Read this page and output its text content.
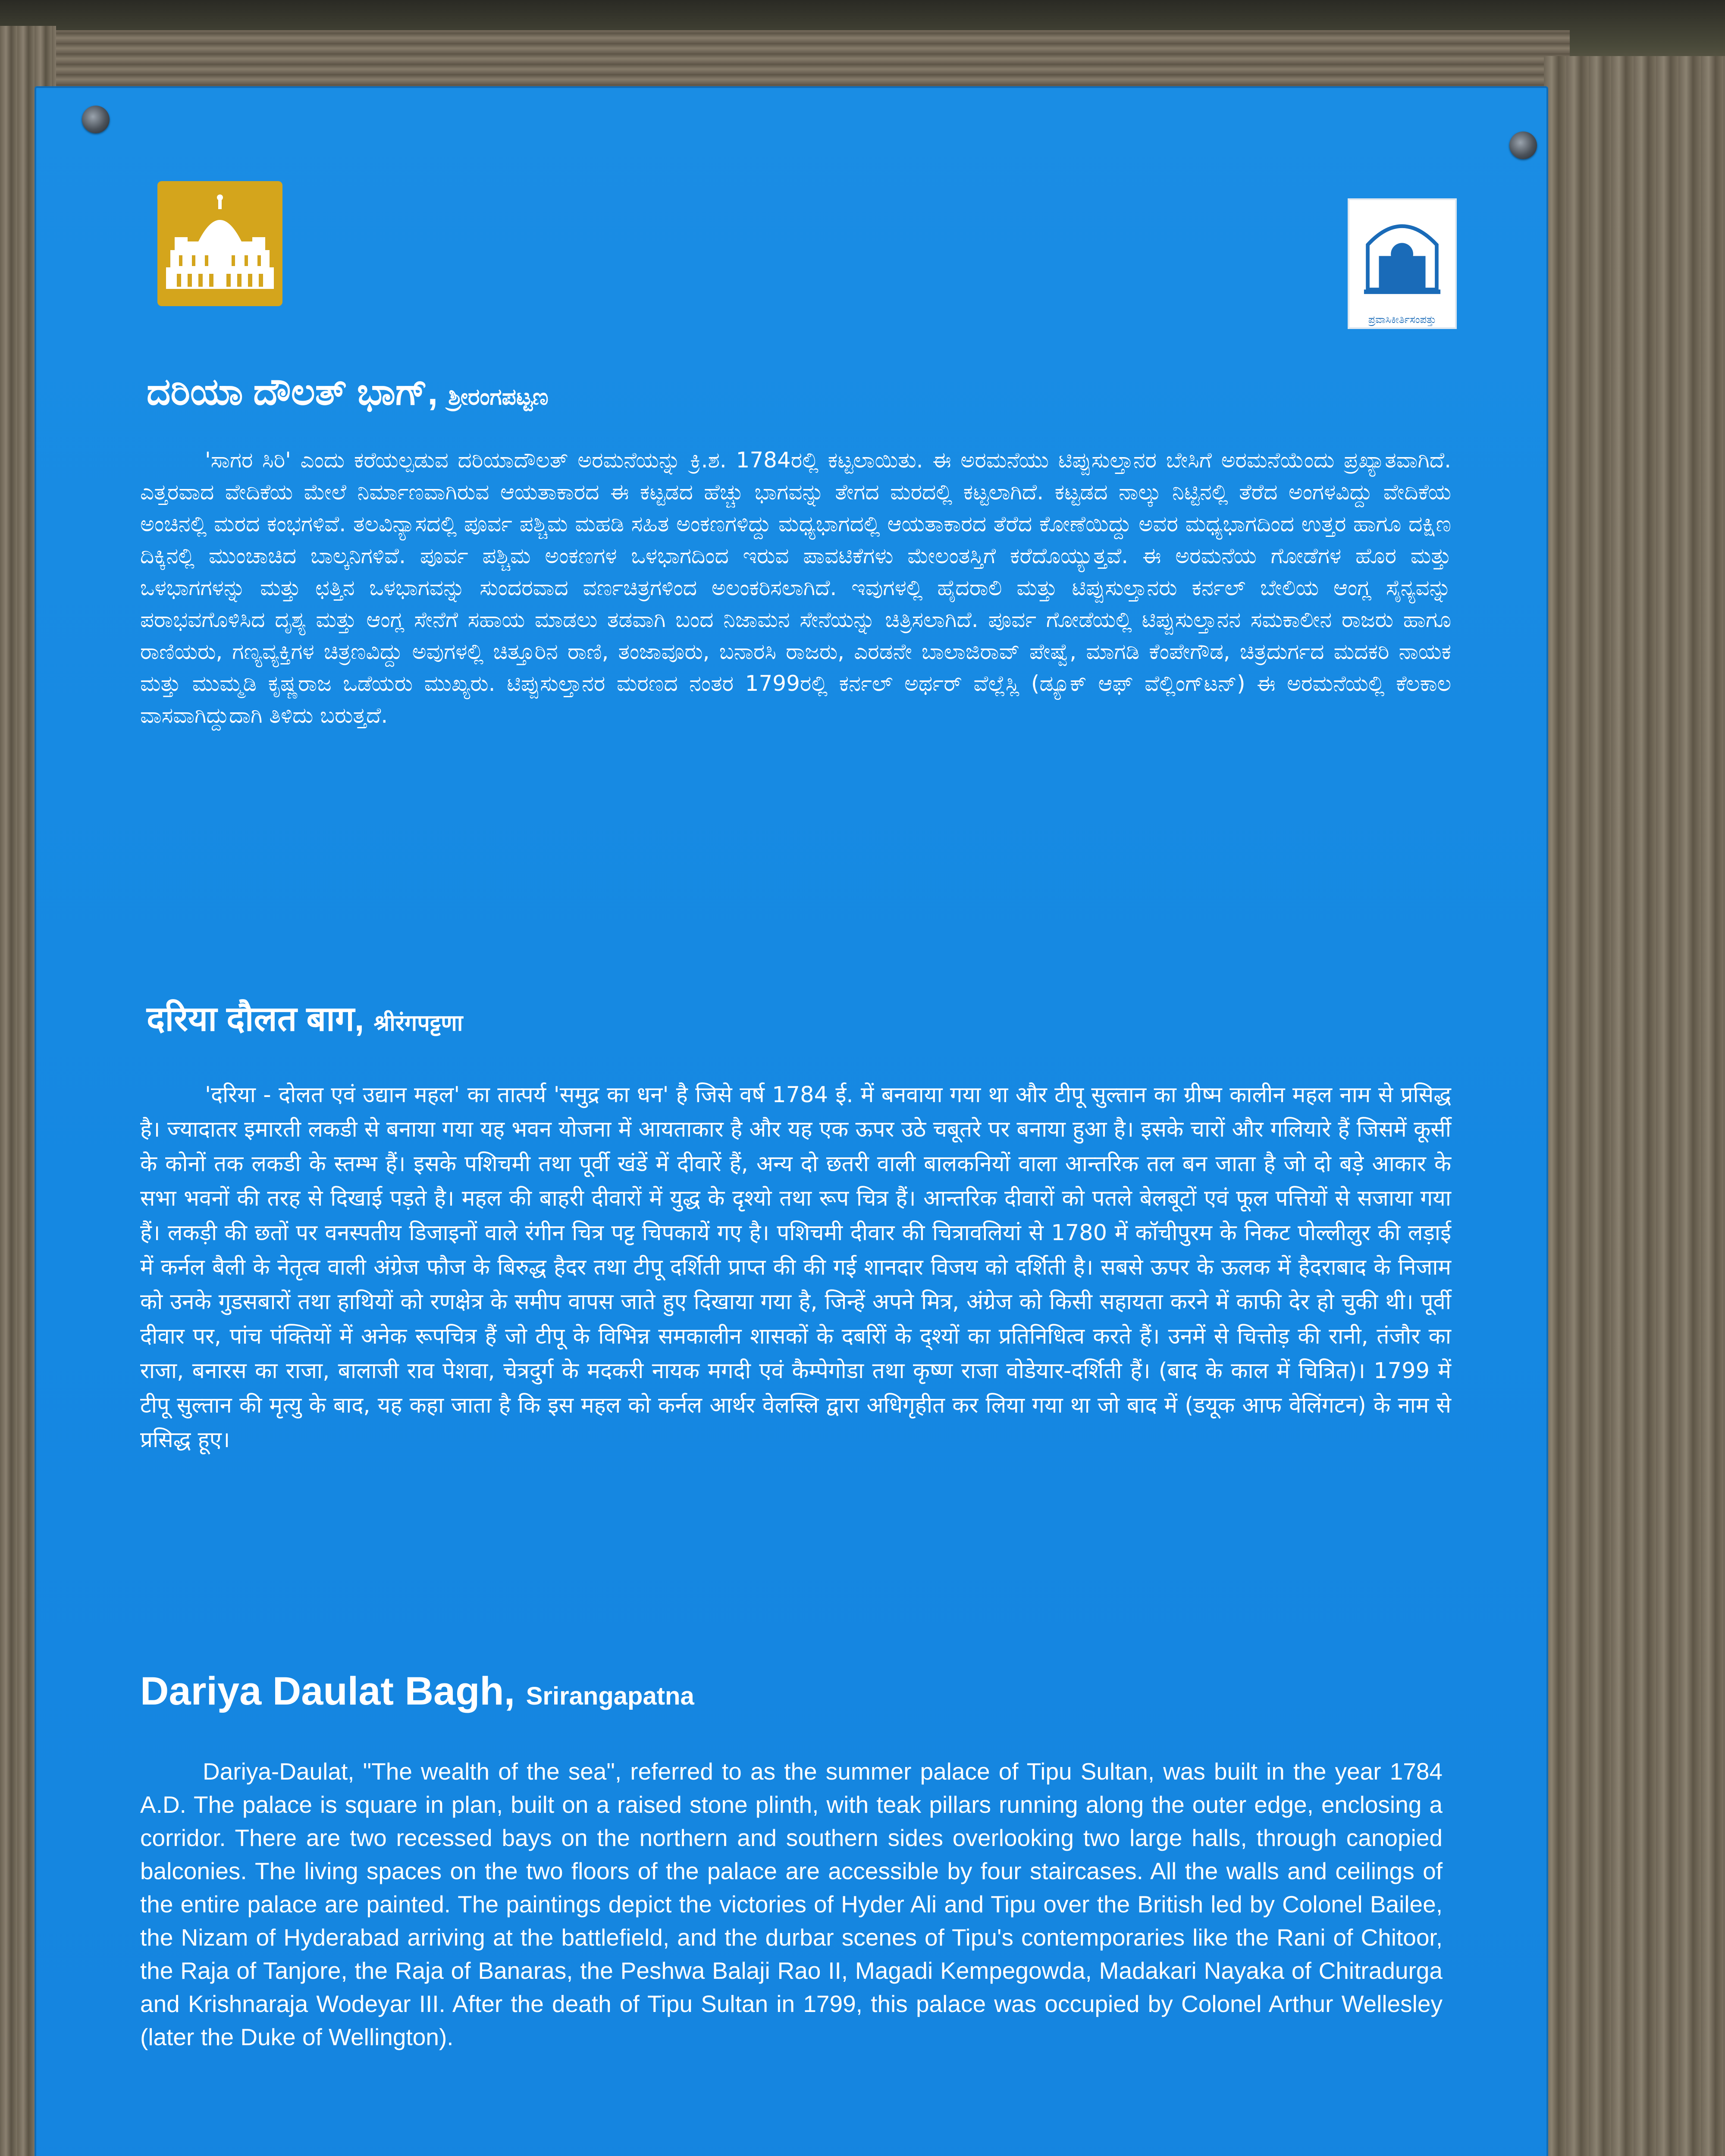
ಪ್ರವಾಸಿಕೀರ್ತಿಸಂಪತ್ತು
ದರಿಯಾ ದೌಲತ್ ಭಾಗ್, ಶ್ರೀರಂಗಪಟ್ಟಣ
'ಸಾಗರ ಸಿರಿ' ಎಂದು ಕರೆಯಲ್ಪಡುವ ದರಿಯಾದೌಲತ್ ಅರಮನೆಯನ್ನು ಕ್ರಿ.ಶ. 1784ರಲ್ಲಿ ಕಟ್ಟಲಾಯಿತು. ಈ ಅರಮನೆಯು ಟಿಪ್ಪುಸುಲ್ತಾನರ ಬೇಸಿಗೆ ಅರಮನೆಯೆಂದು ಪ್ರಖ್ಯಾತವಾಗಿದೆ. ಎತ್ತರವಾದ ವೇದಿಕೆಯ ಮೇಲೆ ನಿರ್ಮಾಣವಾಗಿರುವ ಆಯತಾಕಾರದ ಈ ಕಟ್ಟಡದ ಹೆಚ್ಚು ಭಾಗವನ್ನು ತೇಗದ ಮರದಲ್ಲಿ ಕಟ್ಟಲಾಗಿದೆ. ಕಟ್ಟಡದ ನಾಲ್ಕು ನಿಟ್ಟಿನಲ್ಲಿ ತೆರೆದ ಅಂಗಳವಿದ್ದು ವೇದಿಕೆಯ ಅಂಚಿನಲ್ಲಿ ಮರದ ಕಂಭಗಳಿವೆ. ತಲವಿನ್ಯಾಸದಲ್ಲಿ ಪೂರ್ವ ಪಶ್ಚಿಮ ಮಹಡಿ ಸಹಿತ ಅಂಕಣಗಳಿದ್ದು ಮಧ್ಯಭಾಗದಲ್ಲಿ ಆಯತಾಕಾರದ ತೆರೆದ ಕೋಣೆಯಿದ್ದು ಅವರ ಮಧ್ಯಭಾಗದಿಂದ ಉತ್ತರ ಹಾಗೂ ದಕ್ಷಿಣ ದಿಕ್ಕಿನಲ್ಲಿ ಮುಂಚಾಚಿದ ಬಾಲ್ಕನಿಗಳಿವೆ. ಪೂರ್ವ ಪಶ್ಚಿಮ ಅಂಕಣಗಳ ಒಳಭಾಗದಿಂದ ಇರುವ ಪಾವಟಿಕೆಗಳು ಮೇಲಂತಸ್ತಿಗೆ ಕರೆದೊಯ್ಯುತ್ತವೆ. ಈ ಅರಮನೆಯ ಗೋಡೆಗಳ ಹೊರ ಮತ್ತು ಒಳಭಾಗಗಳನ್ನು ಮತ್ತು ಛತ್ತಿನ ಒಳಭಾಗವನ್ನು ಸುಂದರವಾದ ವರ್ಣಚಿತ್ರಗಳಿಂದ ಅಲಂಕರಿಸಲಾಗಿದೆ. ಇವುಗಳಲ್ಲಿ ಹೈದರಾಲಿ ಮತ್ತು ಟಿಪ್ಪುಸುಲ್ತಾನರು ಕರ್ನಲ್ ಬೇಲಿಯ ಆಂಗ್ಲ ಸೈನ್ಯವನ್ನು ಪರಾಭವಗೊಳಿಸಿದ ದೃಶ್ಯ ಮತ್ತು ಆಂಗ್ಲ ಸೇನೆಗೆ ಸಹಾಯ ಮಾಡಲು ತಡವಾಗಿ ಬಂದ ನಿಜಾಮನ ಸೇನೆಯನ್ನು ಚಿತ್ರಿಸಲಾಗಿದೆ. ಪೂರ್ವ ಗೋಡೆಯಲ್ಲಿ ಟಿಪ್ಪುಸುಲ್ತಾನನ ಸಮಕಾಲೀನ ರಾಜರು ಹಾಗೂ ರಾಣಿಯರು, ಗಣ್ಯವ್ಯಕ್ತಿಗಳ ಚಿತ್ರಣವಿದ್ದು ಅವುಗಳಲ್ಲಿ ಚಿತ್ತೂರಿನ ರಾಣಿ, ತಂಜಾವೂರು, ಬನಾರಸಿ ರಾಜರು, ಎರಡನೇ ಬಾಲಾಜಿರಾವ್ ಪೇಷ್ವೆ, ಮಾಗಡಿ ಕೆಂಪೇಗೌಡ, ಚಿತ್ರದುರ್ಗದ ಮದಕರಿ ನಾಯಕ ಮತ್ತು ಮುಮ್ಮಡಿ ಕೃಷ್ಣರಾಜ ಒಡೆಯರು ಮುಖ್ಯರು. ಟಿಪ್ಪುಸುಲ್ತಾನರ ಮರಣದ ನಂತರ 1799ರಲ್ಲಿ ಕರ್ನಲ್ ಅರ್ಥರ್ ವೆಲ್ಲೆಸ್ಲಿ (ಡ್ಯೂಕ್ ಆಫ್ ವೆಲ್ಲಿಂಗ್‌ಟನ್) ಈ ಅರಮನೆಯಲ್ಲಿ ಕೆಲಕಾಲ ವಾಸವಾಗಿದ್ದುದಾಗಿ ತಿಳಿದು ಬರುತ್ತದೆ.
दरिया दौलत बाग, श्रीरंगपट्टणा
'दरिया - दोलत एवं उद्यान महल' का तात्पर्य 'समुद्र का धन' है जिसे वर्ष 1784 ई. में बनवाया गया था और टीपू सुल्तान का ग्रीष्म कालीन महल नाम से प्रसिद्ध है। ज्यादातर इमारती लकडी से बनाया गया यह भवन योजना में आयताकार है और यह एक ऊपर उठे चबूतरे पर बनाया हुआ है। इसके चारों और गलियारे हैं जिसमें कूर्सी के कोनों तक लकडी के स्तम्भ हैं। इसके पशिचमी तथा पूर्वी खंडें में दीवारें हैं, अन्य दो छतरी वाली बालकनियों वाला आन्तरिक तल बन जाता है जो दो बड़े आकार के सभा भवनों की तरह से दिखाई पड़ते है। महल की बाहरी दीवारों में युद्ध के दृश्यो तथा रूप चित्र हैं। आन्तरिक दीवारों को पतले बेलबूटों एवं फूल पत्तियों से सजाया गया हैं। लकड़ी की छतों पर वनस्पतीय डिजाइनों वाले रंगीन चित्र पट्ट चिपकायें गए है। पशिचमी दीवार की चित्रावलियां से 1780 में कॉचीपुरम के निकट पोल्लीलुर की लड़ाई में कर्नल बैली के नेतृत्व वाली अंग्रेज फौज के बिरुद्ध हैदर तथा टीपू दर्शिती प्राप्त की की गई शानदार विजय को दर्शिती है। सबसे ऊपर के ऊलक में हैदराबाद के निजाम को उनके गुडसबारों तथा हाथियों को रणक्षेत्र के समीप वापस जाते हुए दिखाया गया है, जिन्हें अपने मित्र, अंग्रेज को किसी सहायता करने में काफी देर हो चुकी थी। पूर्वी दीवार पर, पांच पंक्तियों में अनेक रूपचित्र हैं जो टीपू के विभिन्न समकालीन शासकों के दबरिों के द्श्यों का प्रतिनिधित्व करते हैं। उनमें से चित्तोड़ की रानी, तंजौर का राजा, बनारस का राजा, बालाजी राव पेशवा, चेत्रदुर्ग के मदकरी नायक मगदी एवं कैम्पेगोडा तथा कृष्ण राजा वोडेयार-दर्शिती हैं। (बाद के काल में चित्रित)। 1799 में टीपू सुल्तान की मृत्यु के बाद, यह कहा जाता है कि इस महल को कर्नल आर्थर वेलस्लि द्वारा अधिगृहीत कर लिया गया था जो बाद में (डयूक आफ वेलिंगटन) के नाम से प्रसिद्ध हूए।
Dariya Daulat Bagh, Srirangapatna
Dariya-Daulat, "The wealth of the sea", referred to as the summer palace of Tipu Sultan, was built in the year 1784 A.D. The palace is square in plan, built on a raised stone plinth, with teak pillars running along the outer edge, enclosing a corridor. There are two recessed bays on the northern and southern sides overlooking two large halls, through canopied balconies. The living spaces on the two floors of the palace are accessible by four staircases. All the walls and ceilings of the entire palace are painted. The paintings depict the victories of Hyder Ali and Tipu over the British led by Colonel Bailee, the Nizam of Hyderabad arriving at the battlefield, and the durbar scenes of Tipu's contemporaries like the Rani of Chitoor, the Raja of Tanjore, the Raja of Banaras, the Peshwa Balaji Rao II, Magadi Kempegowda, Madakari Nayaka of Chitradurga and Krishnaraja Wodeyar III. After the death of Tipu Sultan in 1799, this palace was occupied by Colonel Arthur Wellesley (later the Duke of Wellington).
